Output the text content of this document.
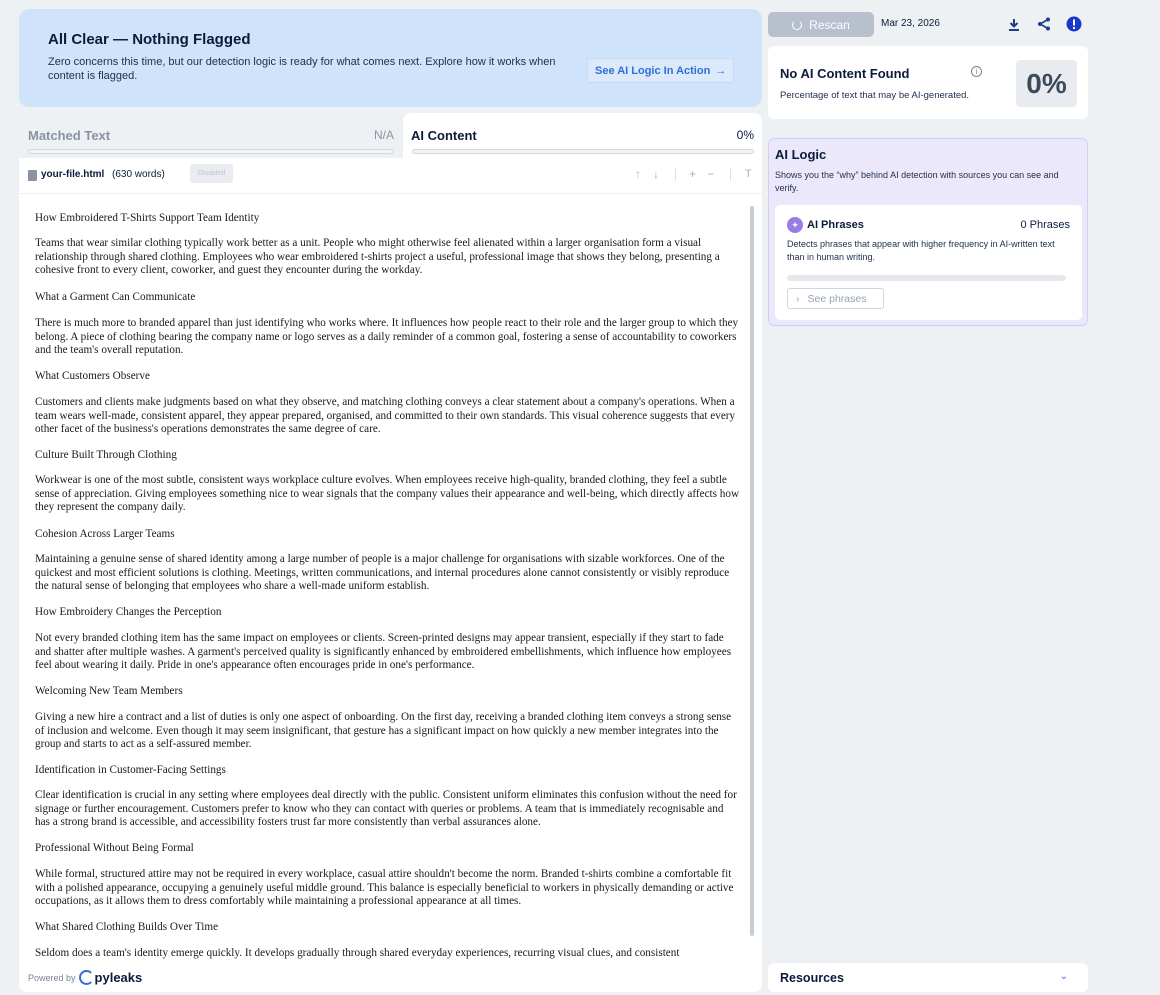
All Clear — Nothing Flagged
Zero concerns this time, but our detection logic is ready for what comes next. Explore how it works when content is flagged.	See AI Logic In Action →
Matched Text	N/A AI Content	0%
your-file.html (630 words)	Disabled	↑ ↓	+ −	T
How Embroidered T-Shirts Support Team Identity
Teams that wear similar clothing typically work better as a unit. People who might otherwise feel alienated within a larger organisation form a visual relationship through shared clothing. Employees who wear embroidered t-shirts project a useful, professional image that shows they belong, presenting a cohesive front to every client, coworker, and guest they encounter during the workday.
What a Garment Can Communicate
There is much more to branded apparel than just identifying who works where. It influences how people react to their role and the larger group to which they belong. A piece of clothing bearing the company name or logo serves as a daily reminder of a common goal, fostering a sense of accountability to coworkers and the team's overall reputation.
What Customers Observe
Customers and clients make judgments based on what they observe, and matching clothing conveys a clear statement about a company's operations. When a team wears well-made, consistent apparel, they appear prepared, organised, and committed to their own standards. This visual coherence suggests that every other facet of the business's operations demonstrates the same degree of care.
Culture Built Through Clothing
Workwear is one of the most subtle, consistent ways workplace culture evolves. When employees receive high-quality, branded clothing, they feel a subtle sense of appreciation. Giving employees something nice to wear signals that the company values their appearance and well-being, which directly affects how they represent the company daily.
Cohesion Across Larger Teams
Maintaining a genuine sense of shared identity among a large number of people is a major challenge for organisations with sizable workforces. One of the quickest and most efficient solutions is clothing. Meetings, written communications, and internal procedures alone cannot consistently or visibly reproduce the natural sense of belonging that employees who share a well-made uniform establish.
How Embroidery Changes the Perception
Not every branded clothing item has the same impact on employees or clients. Screen-printed designs may appear transient, especially if they start to fade and shatter after multiple washes. A garment's perceived quality is significantly enhanced by embroidered embellishments, which influence how employees feel about wearing it daily. Pride in one's appearance often encourages pride in one's performance.
Welcoming New Team Members
Giving a new hire a contract and a list of duties is only one aspect of onboarding. On the first day, receiving a branded clothing item conveys a strong sense of inclusion and welcome. Even though it may seem insignificant, that gesture has a significant impact on how quickly a new member integrates into the group and starts to act as a self-assured member.
Identification in Customer-Facing Settings
Clear identification is crucial in any setting where employees deal directly with the public. Consistent uniform eliminates this confusion without the need for signage or further encouragement. Customers prefer to know who they can contact with queries or problems. A team that is immediately recognisable and has a strong brand is accessible, and accessibility fosters trust far more consistently than verbal assurances alone.
Professional Without Being Formal
While formal, structured attire may not be required in every workplace, casual attire shouldn't become the norm. Branded t-shirts combine a comfortable fit with a polished appearance, occupying a genuinely useful middle ground. This balance is especially beneficial to workers in physically demanding or active occupations, as it allows them to dress comfortably while maintaining a professional appearance at all times.
What Shared Clothing Builds Over Time
Seldom does a team's identity emerge quickly. It develops gradually through shared everyday experiences, recurring visual clues, and consistent
Powered by pyleaks
Rescan	Mar 23, 2026
No AI Content Found	i
Percentage of text that may be AI-generated.	0%
AI Logic
Shows you the “why” behind AI detection with sources you can see and verify.
✦ AI Phrases	0 Phrases
Detects phrases that appear with higher frequency in AI-written text than in human writing.
› See phrases
Resources	⌄
